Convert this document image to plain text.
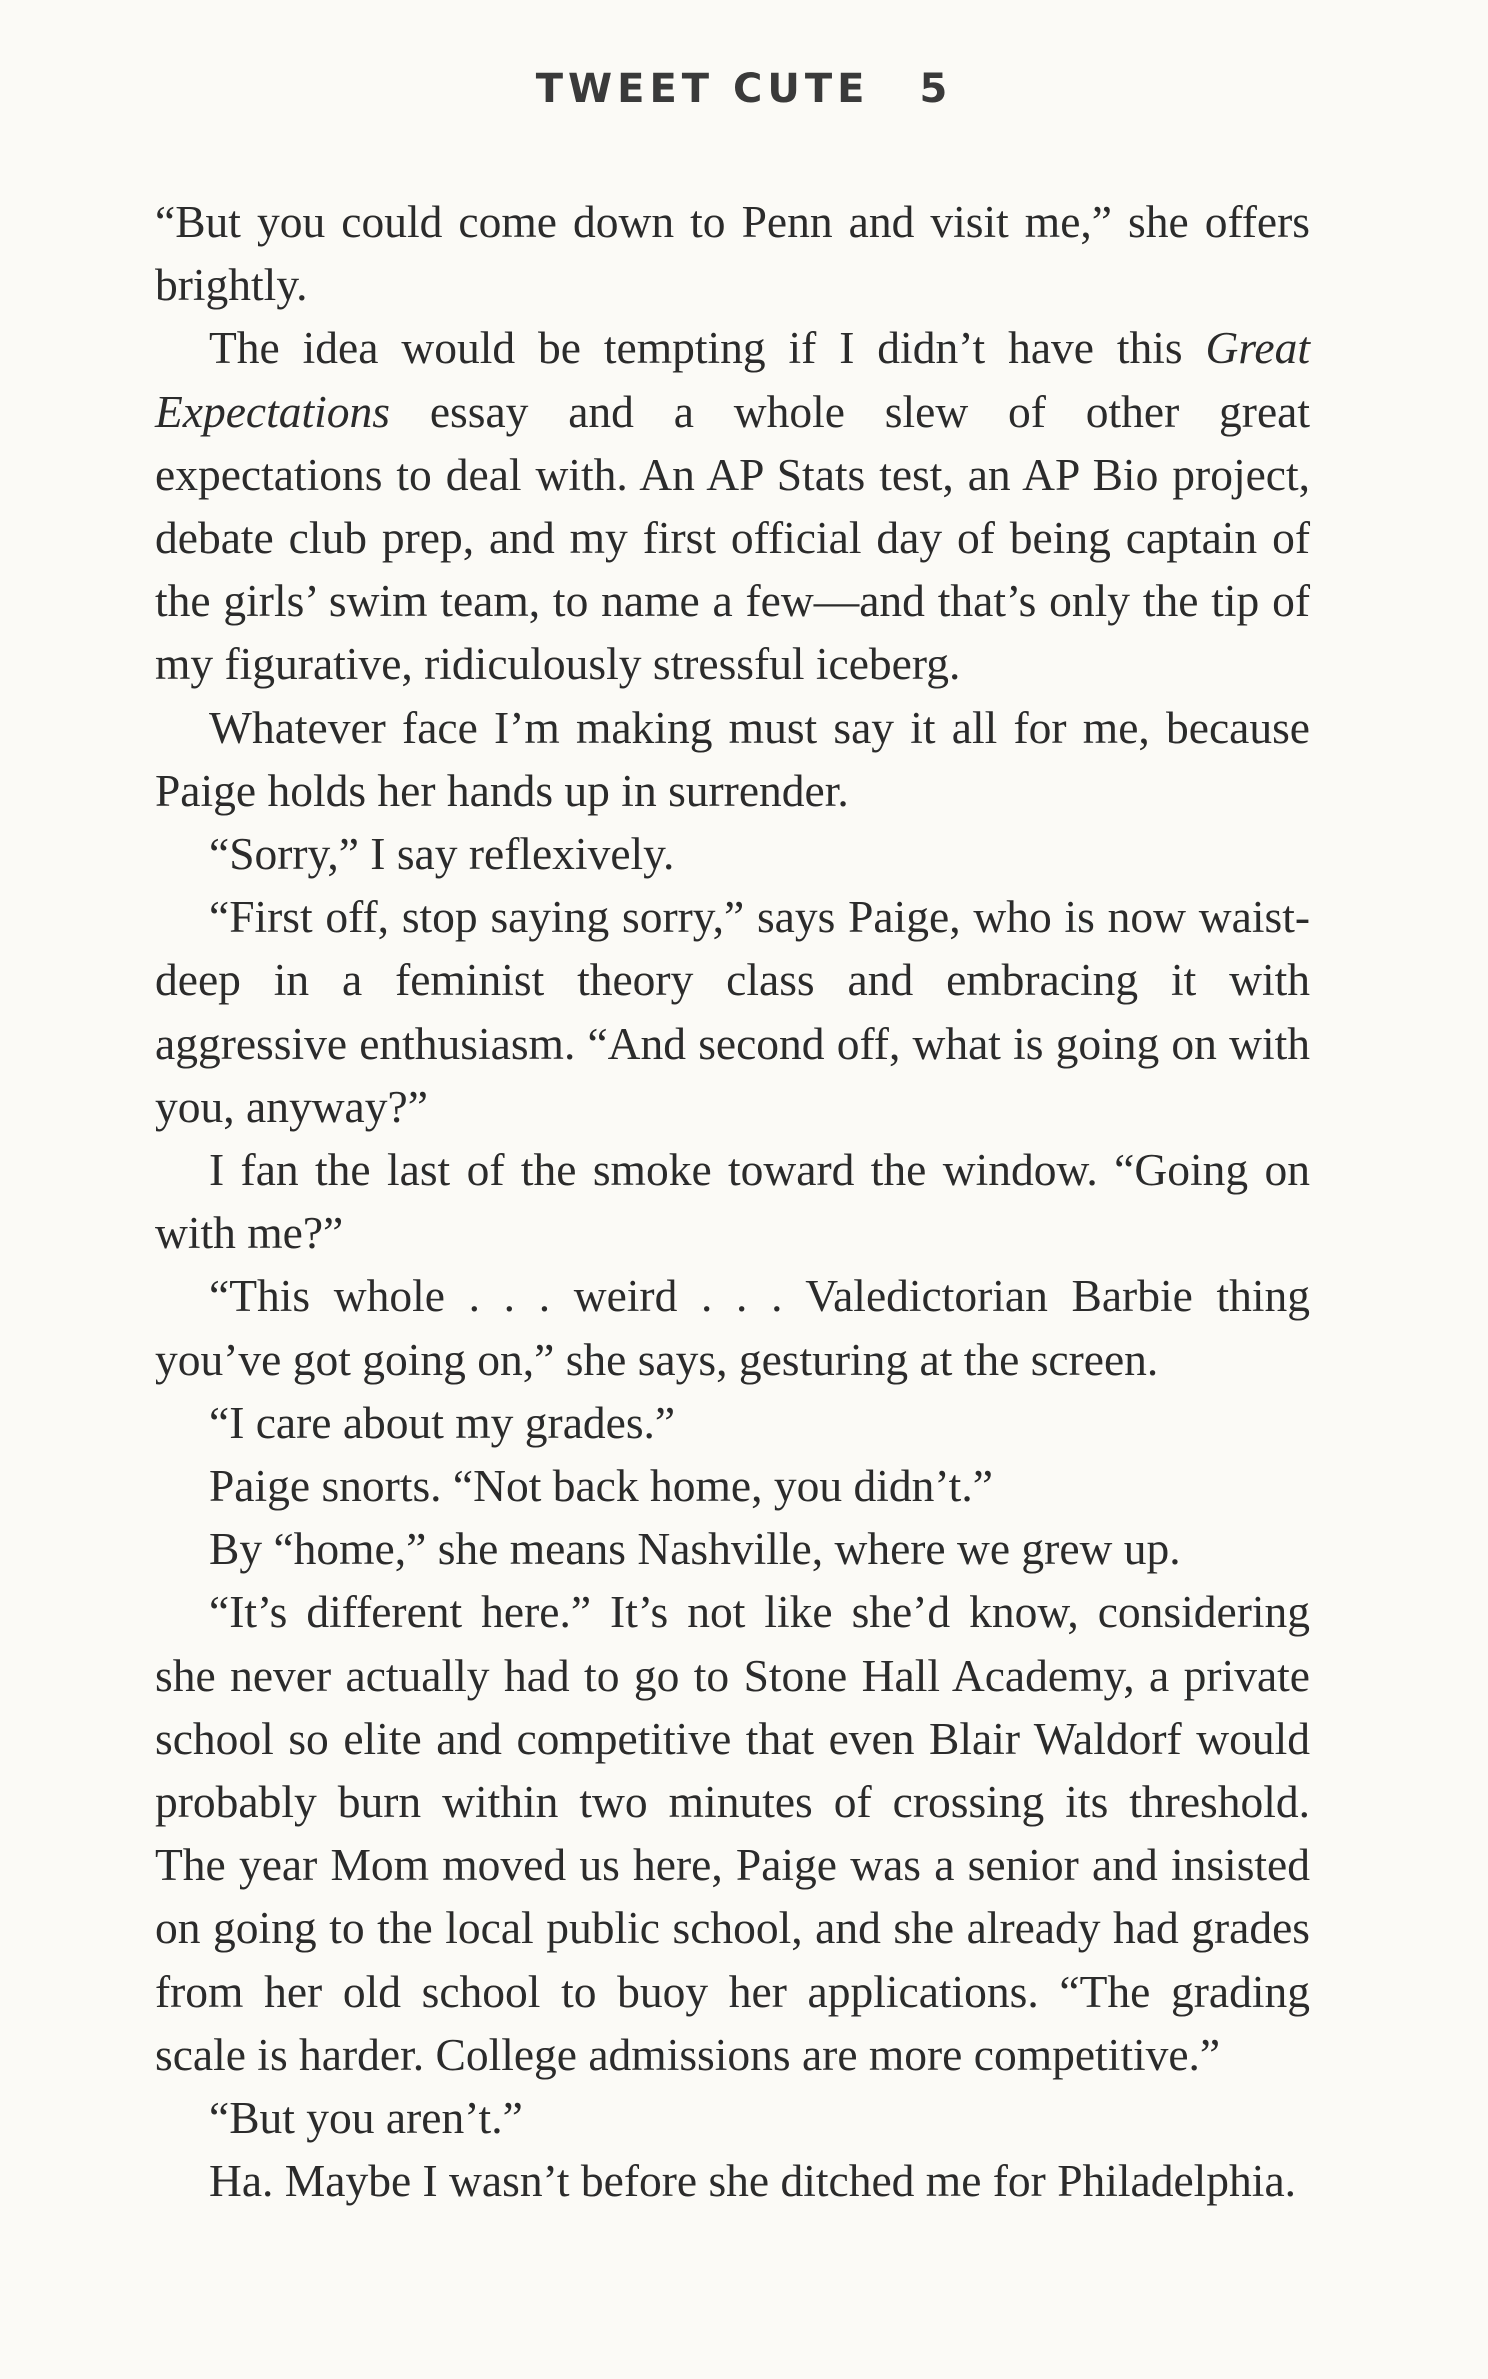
TWEET CUTE 5

“But you could come down to Penn and visit me,” she offers brightly.

The idea would be tempting if I didn’t have this Great Expectations essay and a whole slew of other great expectations to deal with. An AP Stats test, an AP Bio project, debate club prep, and my first official day of being captain of the girls’ swim team, to name a few—and that’s only the tip of my figurative, ridiculously stressful iceberg.

Whatever face I’m making must say it all for me, because Paige holds her hands up in surrender.

“Sorry,” I say reflexively.

“First off, stop saying sorry,” says Paige, who is now waist-deep in a feminist theory class and embracing it with aggressive enthusiasm. “And second off, what is going on with you, anyway?”

I fan the last of the smoke toward the window. “Going on with me?”

“This whole . . . weird . . . Valedictorian Barbie thing you’ve got going on,” she says, gesturing at the screen.

“I care about my grades.”

Paige snorts. “Not back home, you didn’t.”

By “home,” she means Nashville, where we grew up.

“It’s different here.” It’s not like she’d know, considering she never actually had to go to Stone Hall Academy, a private school so elite and competitive that even Blair Waldorf would probably burn within two minutes of crossing its threshold. The year Mom moved us here, Paige was a senior and insisted on going to the local public school, and she already had grades from her old school to buoy her applications. “The grading scale is harder. College admissions are more competitive.”

“But you aren’t.”

Ha. Maybe I wasn’t before she ditched me for Philadelphia.
